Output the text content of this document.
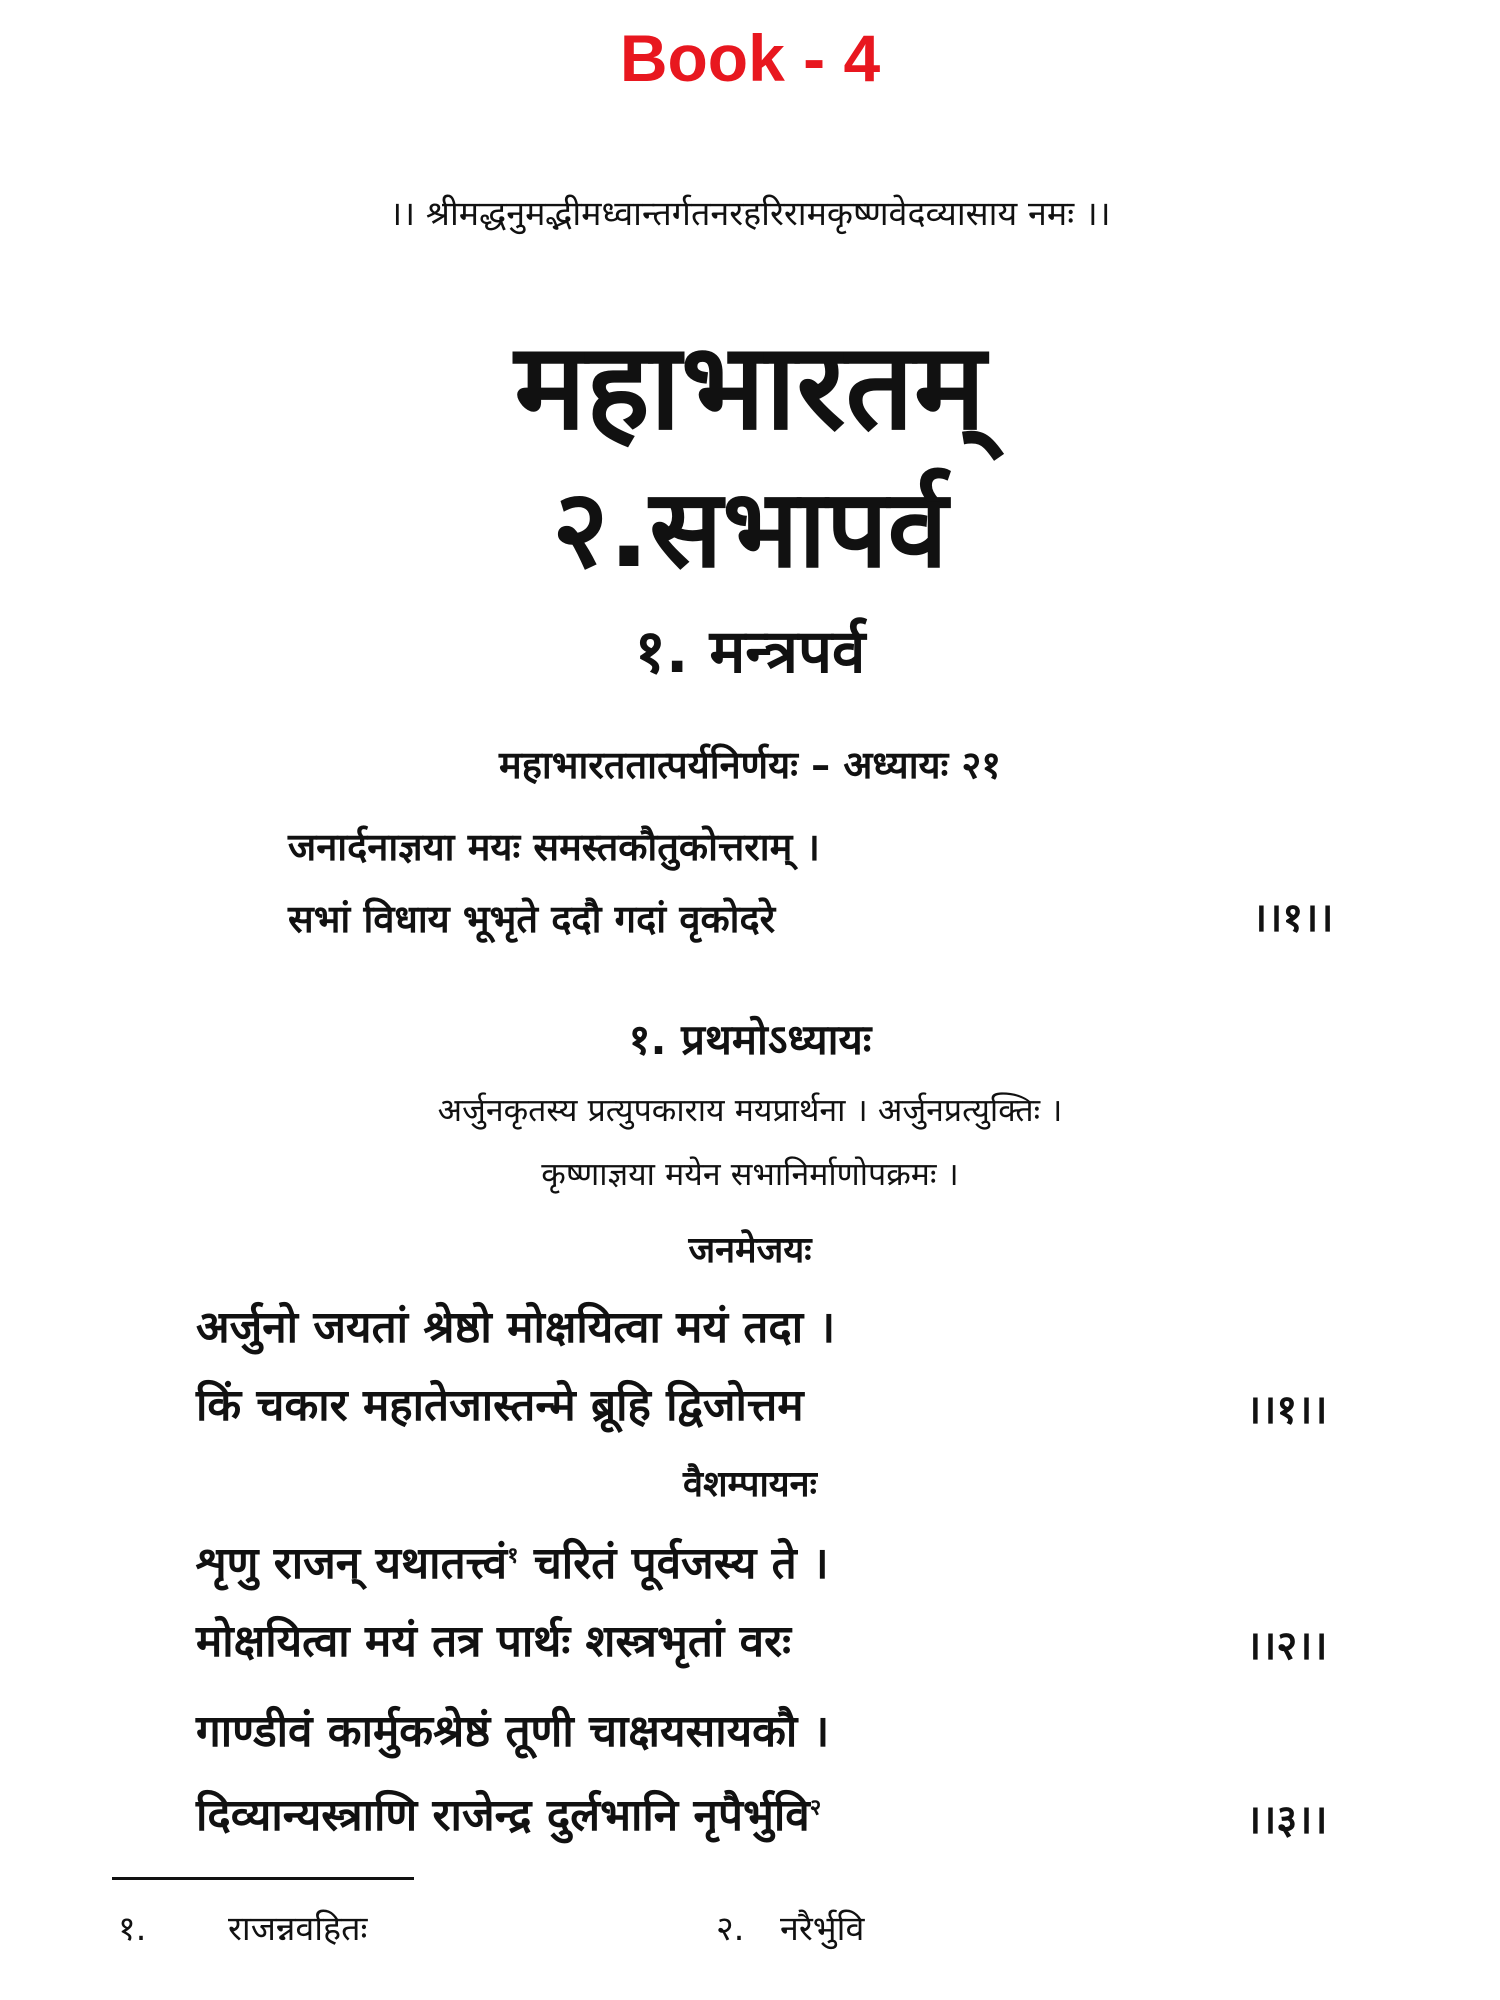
Book - 4
।। श्रीमद्धनुमद्भीमध्वान्तर्गतनरहरिरामकृष्णवेदव्यासाय नमः ।।
महाभारतम्
२.सभापर्व
१. मन्त्रपर्व
महाभारततात्पर्यनिर्णयः – अध्यायः २१
जनार्दनाज्ञया मयः समस्तकौतुकोत्तराम् ।
सभां विधाय भूभृते ददौ गदां वृकोदरे	।।१।।
१. प्रथमोऽध्यायः
अर्जुनकृतस्य प्रत्युपकाराय मयप्रार्थना । अर्जुनप्रत्युक्तिः ।
कृष्णाज्ञया मयेन सभानिर्माणोपक्रमः ।
जनमेजयः
अर्जुनो जयतां श्रेष्ठो मोक्षयित्वा मयं तदा ।
किं चकार महातेजास्तन्मे ब्रूहि द्विजोत्तम	।।१।।
वैशम्पायनः
शृणु राजन् यथातत्त्वं$^१$ चरितं पूर्वजस्य ते ।
मोक्षयित्वा मयं तत्र पार्थः शस्त्रभृतां वरः	।।२।।
गाण्डीवं कार्मुकश्रेष्ठं तूणी चाक्षयसायकौ ।
दिव्यान्यस्त्राणि राजेन्द्र दुर्लभानि नृपैर्भुवि$^२$	।।३।।
१. राजन्नवहितः	२. नरैर्भुवि
